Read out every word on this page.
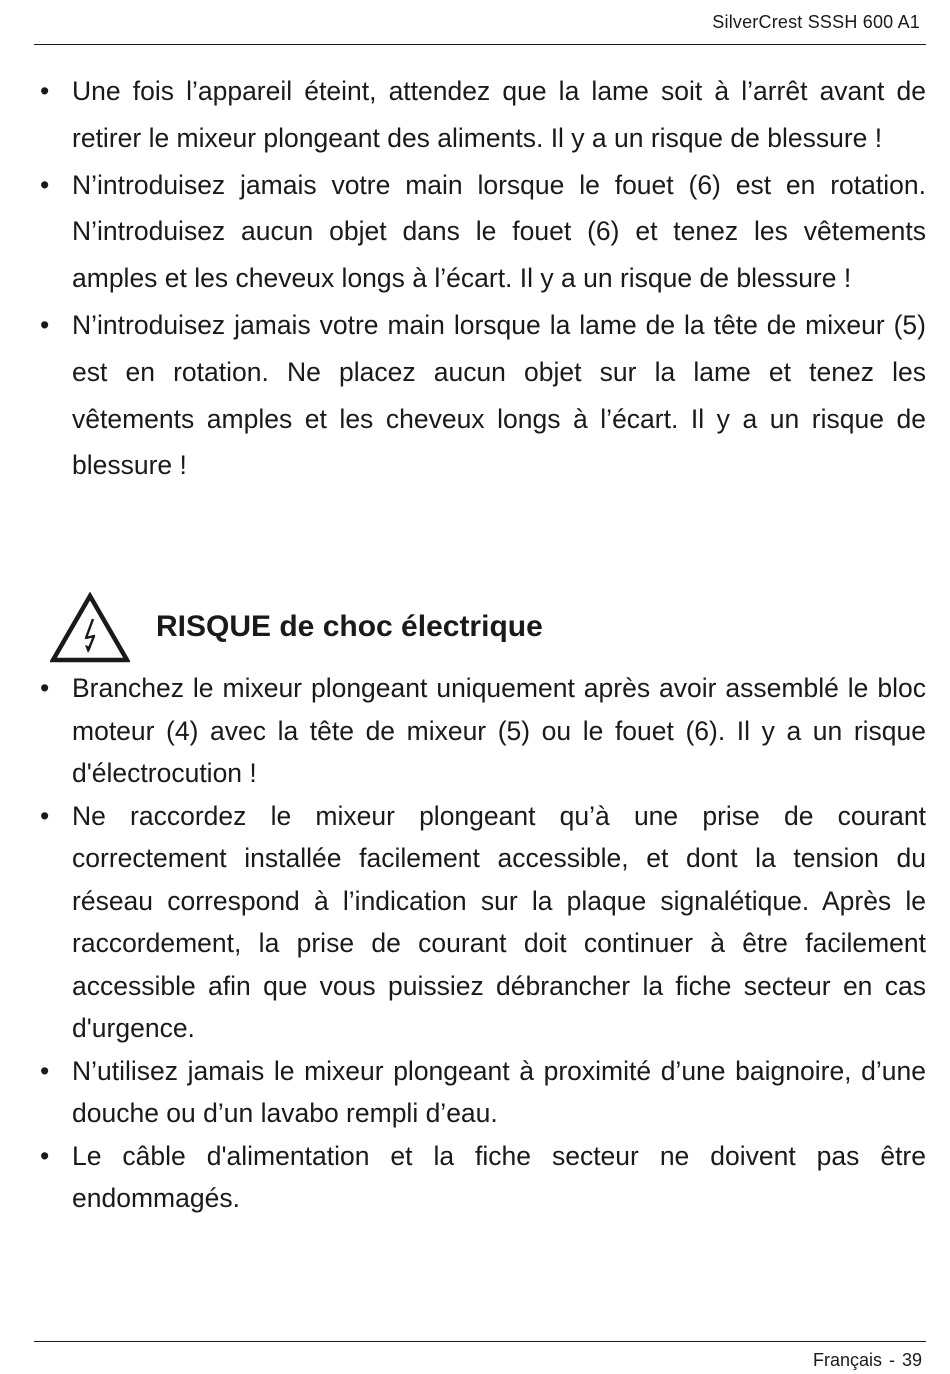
SilverCrest SSSH 600 A1
• Une fois l’appareil éteint, attendez que la lame soit à l’arrêt avant de retirer le mixeur plongeant des aliments. Il y a un risque de blessure !
• N’introduisez jamais votre main lorsque le fouet (6) est en rotation. N’introduisez aucun objet dans le fouet (6) et tenez les vêtements amples et les cheveux longs à l’écart. Il y a un risque de blessure !
• N’introduisez jamais votre main lorsque la lame de la tête de mixeur (5) est en rotation. Ne placez aucun objet sur la lame et tenez les vêtements amples et les cheveux longs à l’écart. Il y a un risque de blessure !
RISQUE de choc électrique
• Branchez le mixeur plongeant uniquement après avoir assemblé le bloc moteur (4) avec la tête de mixeur (5) ou le fouet (6). Il y a un risque d'électrocution !
• Ne raccordez le mixeur plongeant qu’à une prise de courant correctement installée facilement accessible, et dont la tension du réseau correspond à l’indication sur la plaque signalétique. Après le raccordement, la prise de courant doit continuer à être facilement accessible afin que vous puissiez débrancher la fiche secteur en cas d'urgence.
• N’utilisez jamais le mixeur plongeant à proximité d’une baignoire, d’une douche ou d’un lavabo rempli d’eau.
• Le câble d'alimentation et la fiche secteur ne doivent pas être endommagés.
Français - 39
